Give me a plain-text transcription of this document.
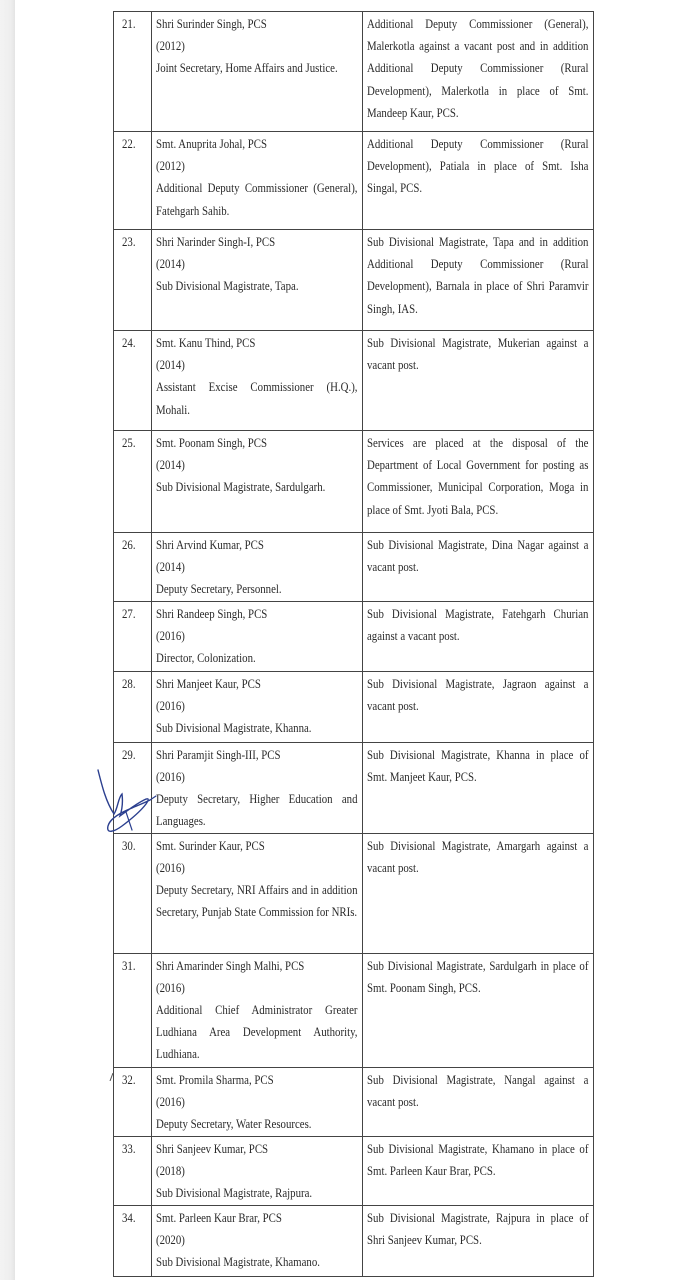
21.	Shri Surinder Singh, PCS
(2012)
Joint Secretary, Home Affairs and Justice.	Additional Deputy Commissioner (General), Malerkotla against a vacant post and in addition Additional Deputy Commissioner (Rural Development), Malerkotla in place of Smt. Mandeep Kaur, PCS.

22.	Smt. Anuprita Johal, PCS
(2012)
Additional Deputy Commissioner (General), Fatehgarh Sahib.	Additional Deputy Commissioner (Rural Development), Patiala in place of Smt. Isha Singal, PCS.

23.	Shri Narinder Singh-I, PCS
(2014)
Sub Divisional Magistrate, Tapa.	Sub Divisional Magistrate, Tapa and in addition Additional Deputy Commissioner (Rural Development), Barnala in place of Shri Paramvir Singh, IAS.

24.	Smt. Kanu Thind, PCS
(2014)
Assistant Excise Commissioner (H.Q.), Mohali.	Sub Divisional Magistrate, Mukerian against a vacant post.

25.	Smt. Poonam Singh, PCS
(2014)
Sub Divisional Magistrate, Sardulgarh.	Services are placed at the disposal of the Department of Local Government for posting as Commissioner, Municipal Corporation, Moga in place of Smt. Jyoti Bala, PCS.

26.	Shri Arvind Kumar, PCS
(2014)
Deputy Secretary, Personnel.	Sub Divisional Magistrate, Dina Nagar against a vacant post.

27.	Shri Randeep Singh, PCS
(2016)
Director, Colonization.	Sub Divisional Magistrate, Fatehgarh Churian against a vacant post.

28.	Shri Manjeet Kaur, PCS
(2016)
Sub Divisional Magistrate, Khanna.	Sub Divisional Magistrate, Jagraon against a vacant post.

29.	Shri Paramjit Singh-III, PCS
(2016)
Deputy Secretary, Higher Education and Languages.	Sub Divisional Magistrate, Khanna in place of Smt. Manjeet Kaur, PCS.

30.	Smt. Surinder Kaur, PCS
(2016)
Deputy Secretary, NRI Affairs and in addition Secretary, Punjab State Commission for NRIs.	Sub Divisional Magistrate, Amargarh against a vacant post.

31.	Shri Amarinder Singh Malhi, PCS
(2016)
Additional Chief Administrator Greater Ludhiana Area Development Authority, Ludhiana.	Sub Divisional Magistrate, Sardulgarh in place of Smt. Poonam Singh, PCS.

32.	Smt. Promila Sharma, PCS
(2016)
Deputy Secretary, Water Resources.	Sub Divisional Magistrate, Nangal against a vacant post.

33.	Shri Sanjeev Kumar, PCS
(2018)
Sub Divisional Magistrate, Rajpura.	Sub Divisional Magistrate, Khamano in place of Smt. Parleen Kaur Brar, PCS.

34.	Smt. Parleen Kaur Brar, PCS
(2020)
Sub Divisional Magistrate, Khamano.	Sub Divisional Magistrate, Rajpura in place of Shri Sanjeev Kumar, PCS.
